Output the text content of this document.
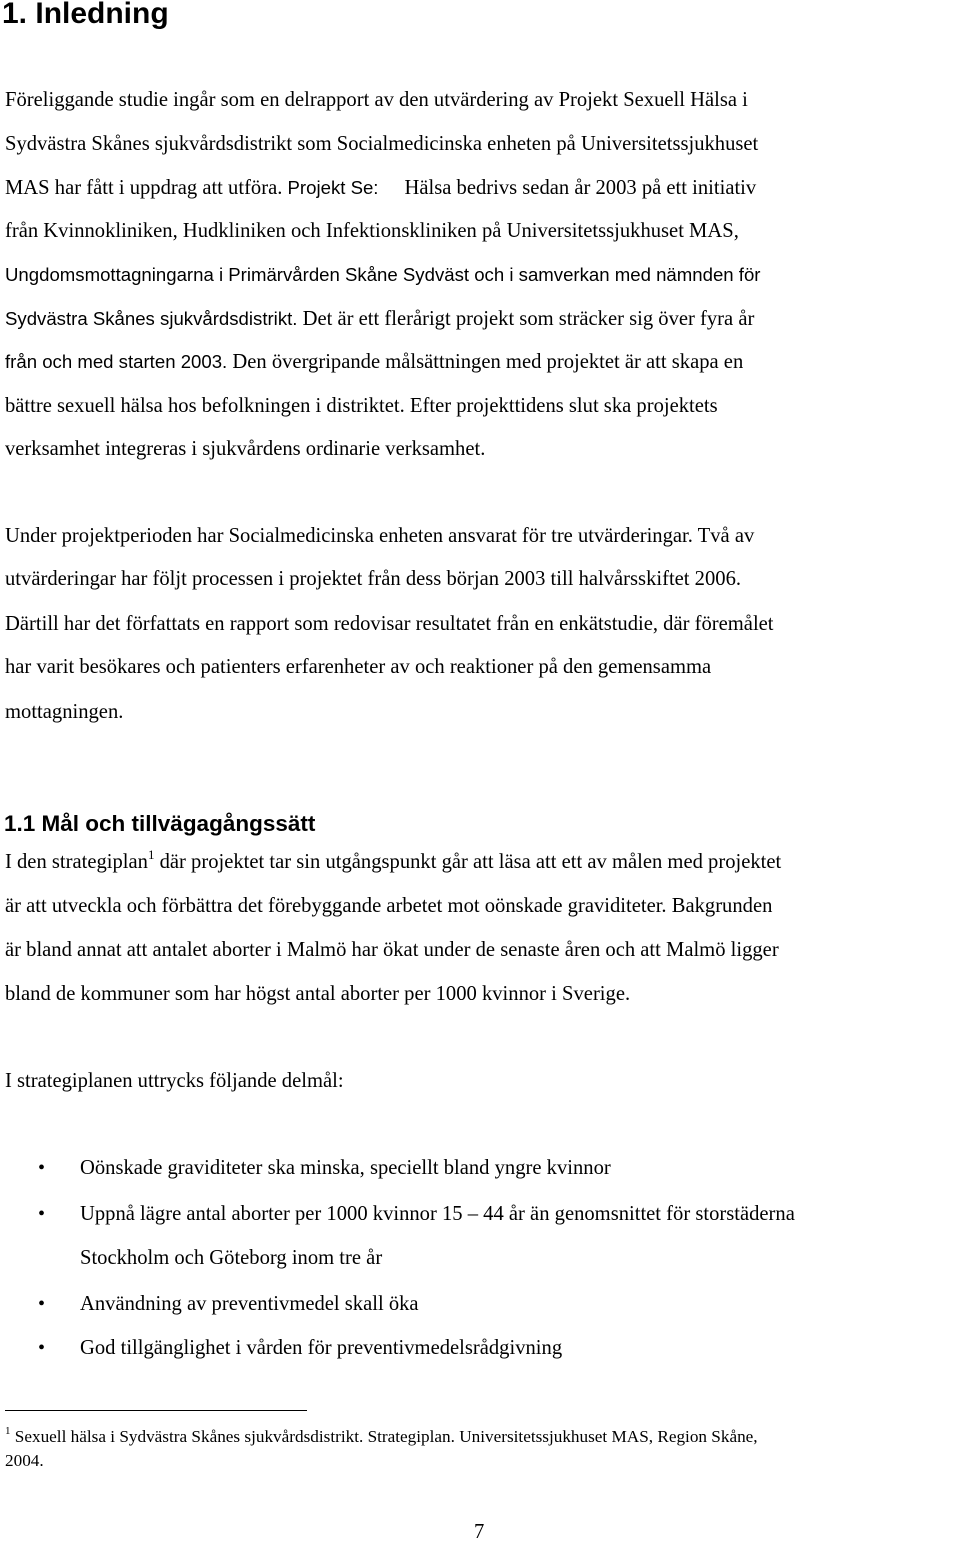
1. Inledning
Föreliggande studie ingår som en delrapport av den utvärdering av Projekt Sexuell Hälsa i
Sydvästra Skånes sjukvårdsdistrikt som Socialmedicinska enheten på Universitetssjukhuset
MAS har fått i uppdrag att utföra. Projekt Se: Hälsa bedrivs sedan år 2003 på ett initiativ
från Kvinnokliniken, Hudkliniken och Infektionskliniken på Universitetssjukhuset MAS,
Ungdomsmottagningarna i Primärvården Skåne Sydväst och i samverkan med nämnden för
Sydvästra Skånes sjukvårdsdistrikt. Det är ett flerårigt projekt som sträcker sig över fyra år
från och med starten 2003. Den övergripande målsättningen med projektet är att skapa en
bättre sexuell hälsa hos befolkningen i distriktet. Efter projekttidens slut ska projektets
verksamhet integreras i sjukvårdens ordinarie verksamhet.
Under projektperioden har Socialmedicinska enheten ansvarat för tre utvärderingar. Två av
utvärderingar har följt processen i projektet från dess början 2003 till halvårsskiftet 2006.
Därtill har det författats en rapport som redovisar resultatet från en enkätstudie, där föremålet
har varit besökares och patienters erfarenheter av och reaktioner på den gemensamma
mottagningen.
1.1 Mål och tillvägagångssätt
I den strategiplan$^1$ där projektet tar sin utgångspunkt går att läsa att ett av målen med projektet
är att utveckla och förbättra det förebyggande arbetet mot oönskade graviditeter. Bakgrunden
är bland annat att antalet aborter i Malmö har ökat under de senaste åren och att Malmö ligger
bland de kommuner som har högst antal aborter per 1000 kvinnor i Sverige.
I strategiplanen uttrycks följande delmål:
• Oönskade graviditeter ska minska, speciellt bland yngre kvinnor
• Uppnå lägre antal aborter per 1000 kvinnor 15 – 44 år än genomsnittet för storstäderna
Stockholm och Göteborg inom tre år
• Användning av preventivmedel skall öka
• God tillgänglighet i vården för preventivmedelsrådgivning
$^1$ Sexuell hälsa i Sydvästra Skånes sjukvårdsdistrikt. Strategiplan. Universitetssjukhuset MAS, Region Skåne,
2004.
7
